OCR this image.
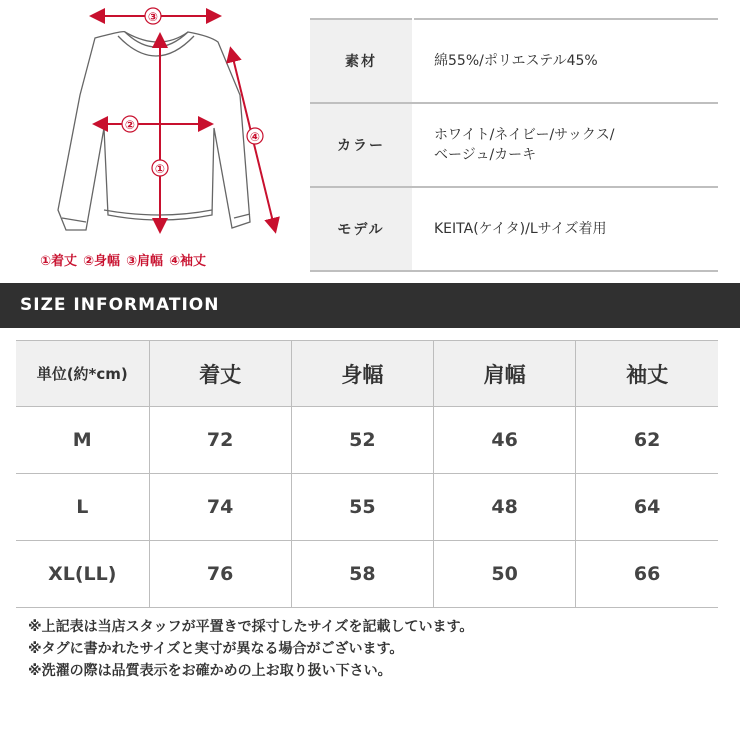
③
②
①
④
①着丈 ②身幅 ③肩幅 ④袖丈
素材	綿55%/ポリエステル45%

カラー	ホワイト/ネイビー/サックス/
ベージュ/カーキ

モデル	KEITA(ケイタ)/Lサイズ着用
SIZE INFORMATION
単位(約*cm)	着丈	身幅	肩幅	袖丈
M	72	52	46	62
L	74	55	48	64
XL(LL)	76	58	50	66
※上記表は当店スタッフが平置きで採寸したサイズを記載しています。
※タグに書かれたサイズと実寸が異なる場合がございます。
※洗濯の際は品質表示をお確かめの上お取り扱い下さい。
